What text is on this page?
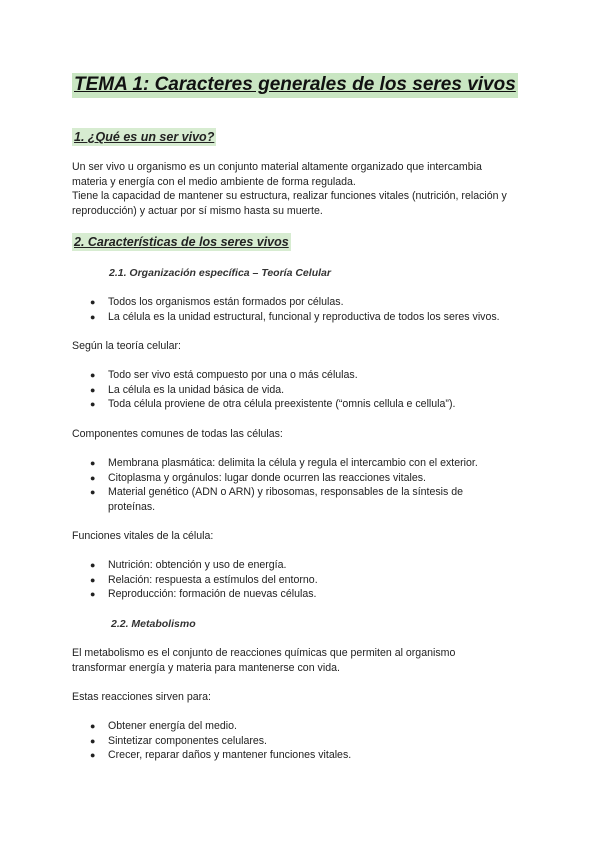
TEMA 1: Caracteres generales de los seres vivos
1. ¿Qué es un ser vivo?

Un ser vivo u organismo es un conjunto material altamente organizado que intercambia
materia y energía con el medio ambiente de forma regulada.
Tiene la capacidad de mantener su estructura, realizar funciones vitales (nutrición, relación y
reproducción) y actuar por sí mismo hasta su muerte.

2. Características de los seres vivos
2.1. Organización específica – Teoría Celular
● Todos los organismos están formados por células.
● La célula es la unidad estructural, funcional y reproductiva de todos los seres vivos.

Según la teoría celular:

● Todo ser vivo está compuesto por una o más células.
● La célula es la unidad básica de vida.
● Toda célula proviene de otra célula preexistente (“omnis cellula e cellula”).

Componentes comunes de todas las células:

● Membrana plasmática: delimita la célula y regula el intercambio con el exterior.
● Citoplasma y orgánulos: lugar donde ocurren las reacciones vitales.
● Material genético (ADN o ARN) y ribosomas, responsables de la síntesis de
proteínas.

Funciones vitales de la célula:

● Nutrición: obtención y uso de energía.
● Relación: respuesta a estímulos del entorno.
● Reproducción: formación de nuevas células.
2.2. Metabolismo

El metabolismo es el conjunto de reacciones químicas que permiten al organismo
transformar energía y materia para mantenerse con vida.

Estas reacciones sirven para:

● Obtener energía del medio.
● Sintetizar componentes celulares.
● Crecer, reparar daños y mantener funciones vitales.
